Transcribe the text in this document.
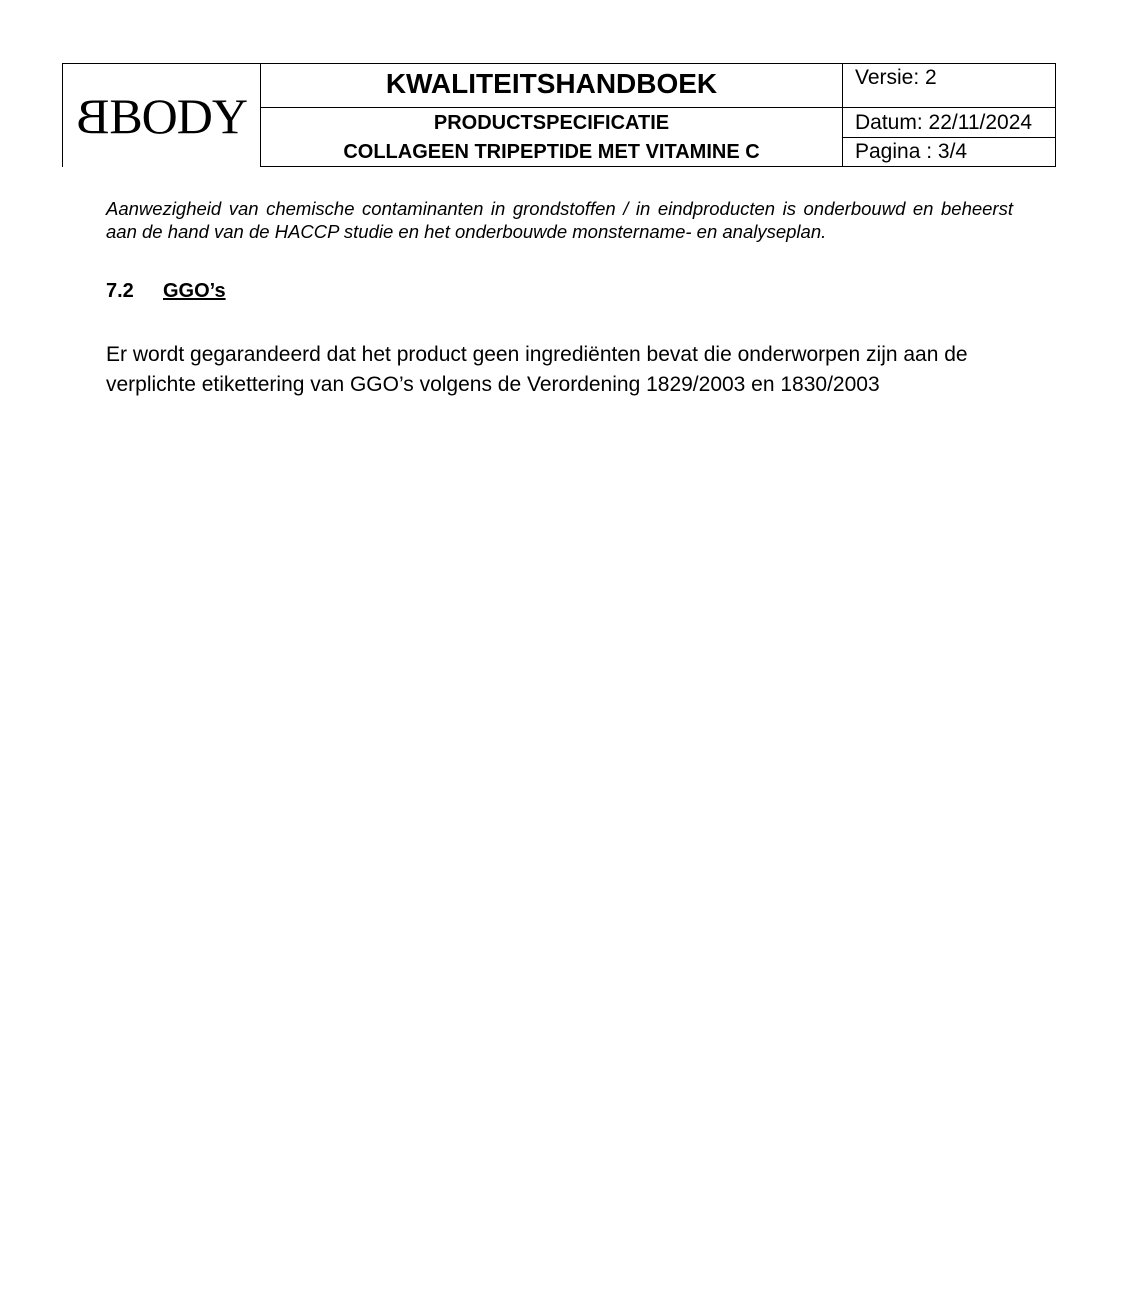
BBODY
KWALITEITSHANDBOEK
PRODUCTSPECIFICATIE
COLLAGEEN TRIPEPTIDE MET VITAMINE C
Versie: 2
Datum: 22/11/2024
Pagina : 3/4

Aanwezigheid van chemische contaminanten in grondstoffen / in eindproducten is onderbouwd en beheerst aan de hand van de HACCP studie en het onderbouwde monstername- en analyseplan.

7.2 GGO’s

Er wordt gegarandeerd dat het product geen ingrediënten bevat die onderworpen zijn aan de verplichte etikettering van GGO’s volgens de Verordening 1829/2003 en 1830/2003
